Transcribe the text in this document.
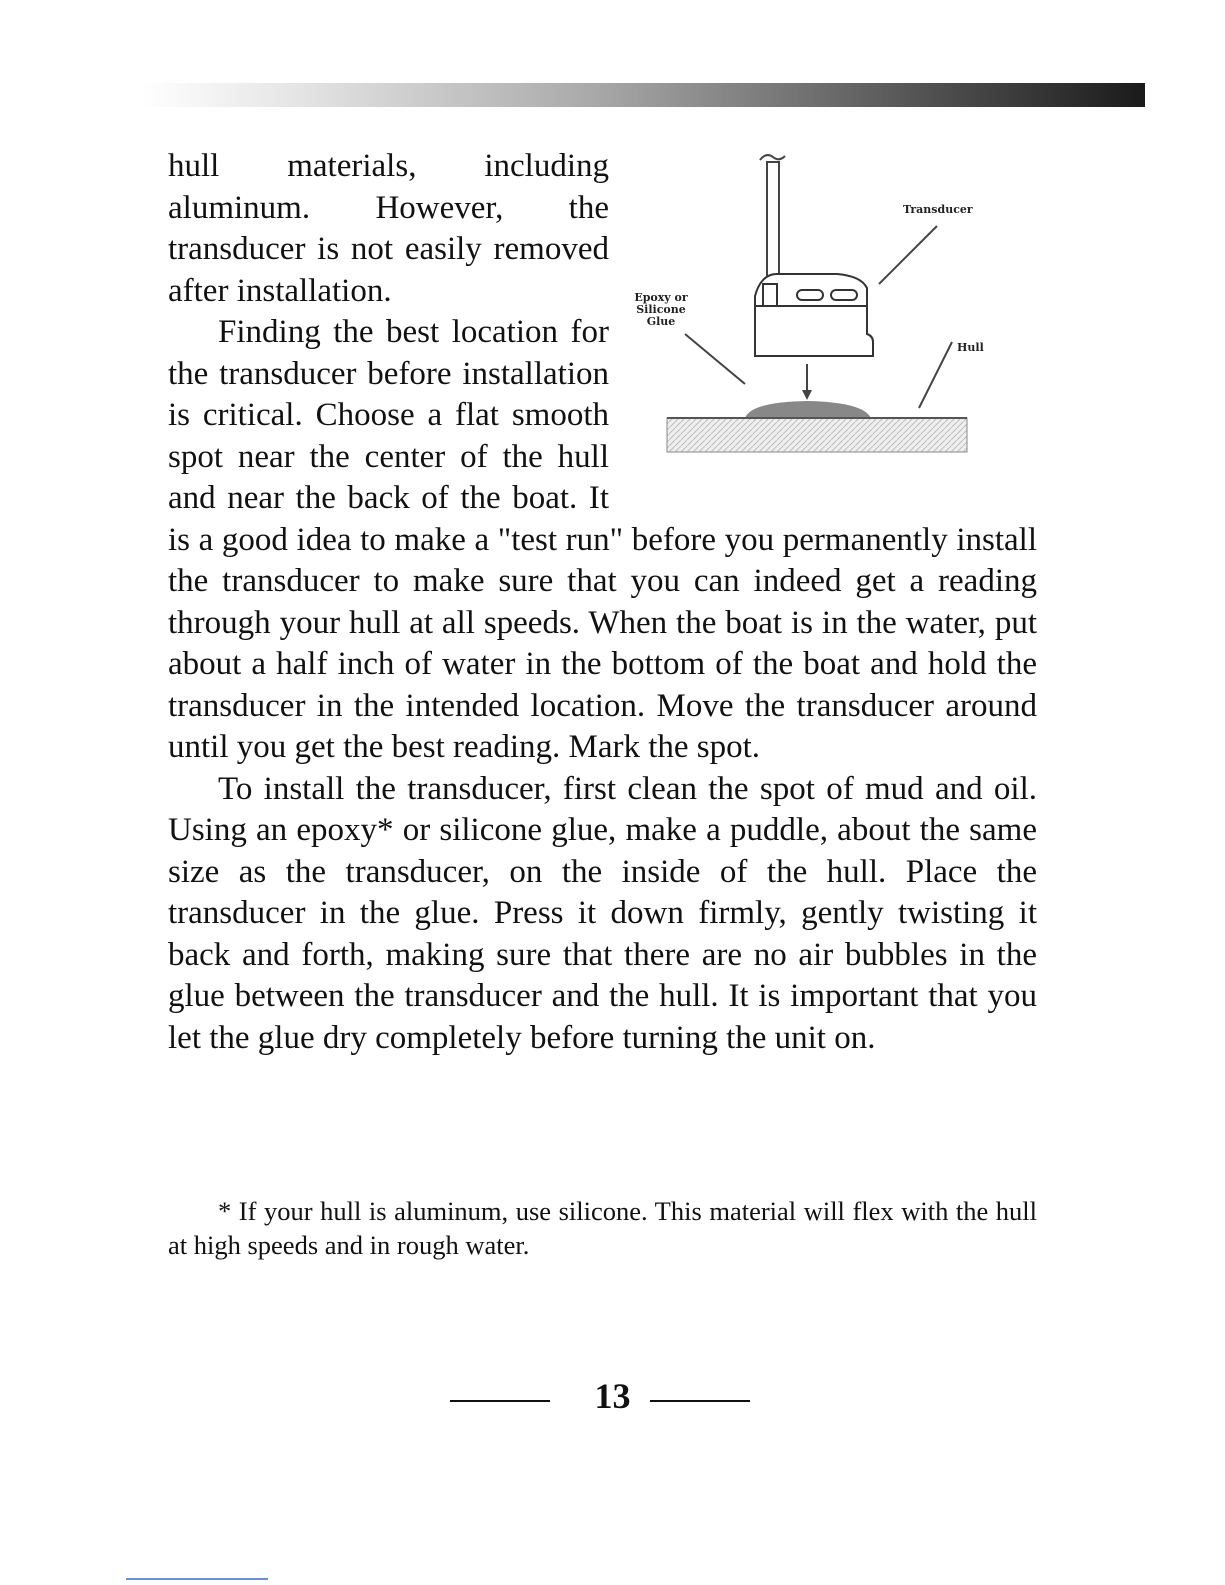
Transducer
Epoxy or Silicone Glue
Hull

hull materials, including aluminum. However, the transducer is not easily removed after installation.

Finding the best location for the transducer before installation is critical. Choose a flat smooth spot near the center of the hull and near the back of the boat. It is a good idea to make a "test run" before you permanently install the transducer to make sure that you can indeed get a reading through your hull at all speeds. When the boat is in the water, put about a half inch of water in the bottom of the boat and hold the transducer in the intended location. Move the transducer around until you get the best reading. Mark the spot.

To install the transducer, first clean the spot of mud and oil. Using an epoxy* or silicone glue, make a puddle, about the same size as the transducer, on the inside of the hull. Place the transducer in the glue. Press it down firmly, gently twisting it back and forth, making sure that there are no air bubbles in the glue between the transducer and the hull. It is important that you let the glue dry completely before turning the unit on.

* If your hull is aluminum, use silicone. This material will flex with the hull at high speeds and in rough water.

13
